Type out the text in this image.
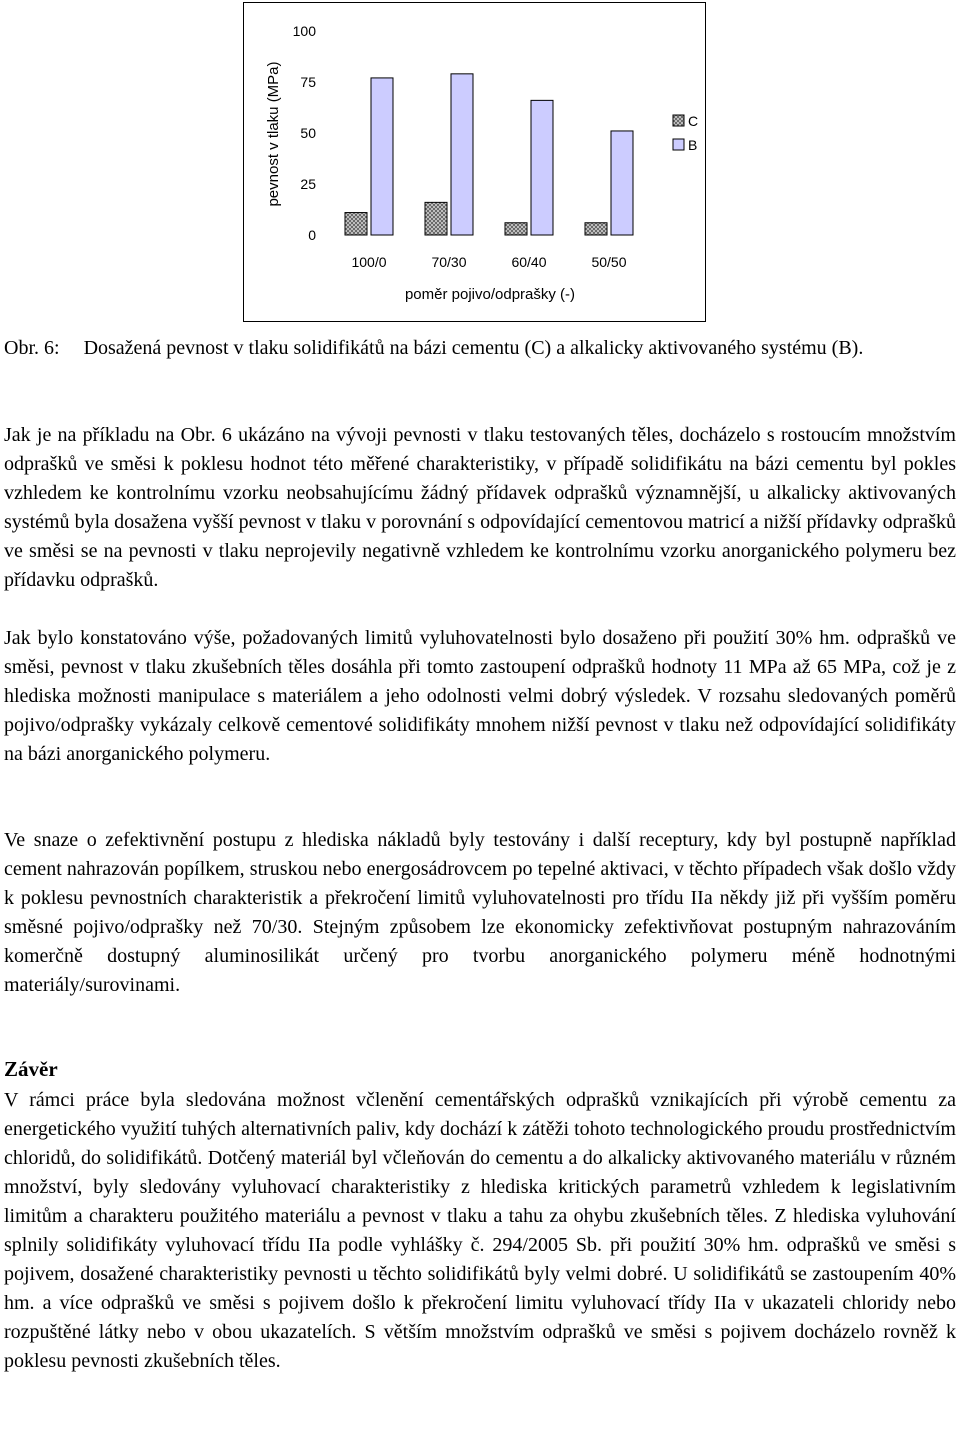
pevnost v tlaku (MPa)
poměr pojivo/odprašky (-)
0
25
50
75
100
100/0	70/30	60/40	50/50
C
B
Obr. 6: Dosažená pevnost v tlaku solidifikátů na bázi cementu (C) a alkalicky aktivovaného systému (B).

Jak je na příkladu na Obr. 6 ukázáno na vývoji pevnosti v tlaku testovaných těles, docházelo s rostoucím množstvím odprašků ve směsi k poklesu hodnot této měřené charakteristiky, v případě solidifikátu na bázi cementu byl pokles vzhledem ke kontrolnímu vzorku neobsahujícímu žádný přídavek odprašků významnější, u alkalicky aktivovaných systémů byla dosažena vyšší pevnost v tlaku v porovnání s odpovídající cementovou matricí a nižší přídavky odprašků ve směsi se na pevnosti v tlaku neprojevily negativně vzhledem ke kontrolnímu vzorku anorganického polymeru bez přídavku odprašků.

Jak bylo konstatováno výše, požadovaných limitů vyluhovatelnosti bylo dosaženo při použití 30% hm. odprašků ve směsi, pevnost v tlaku zkušebních těles dosáhla při tomto zastoupení odprašků hodnoty 11 MPa až 65 MPa, což je z hlediska možnosti manipulace s materiálem a jeho odolnosti velmi dobrý výsledek. V rozsahu sledovaných poměrů pojivo/odprašky vykázaly celkově cementové solidifikáty mnohem nižší pevnost v tlaku než odpovídající solidifikáty na bázi anorganického polymeru.

Ve snaze o zefektivnění postupu z hlediska nákladů byly testovány i další receptury, kdy byl postupně například cement nahrazován popílkem, struskou nebo energosádrovcem po tepelné aktivaci, v těchto případech však došlo vždy k poklesu pevnostních charakteristik a překročení limitů vyluhovatelnosti pro třídu IIa někdy již při vyšším poměru směsné pojivo/odprašky než 70/30. Stejným způsobem lze ekonomicky zefektivňovat postupným nahrazováním komerčně dostupný aluminosilikát určený pro tvorbu anorganického polymeru méně hodnotnými materiály/surovinami.

Závěr

V rámci práce byla sledována možnost včlenění cementářských odprašků vznikajících při výrobě cementu za energetického využití tuhých alternativních paliv, kdy dochází k zátěži tohoto technologického proudu prostřednictvím chloridů, do solidifikátů. Dotčený materiál byl včleňován do cementu a do alkalicky aktivovaného materiálu v různém množství, byly sledovány vyluhovací charakteristiky z hlediska kritických parametrů vzhledem k legislativním limitům a charakteru použitého materiálu a pevnost v tlaku a tahu za ohybu zkušebních těles. Z hlediska vyluhování splnily solidifikáty vyluhovací třídu IIa podle vyhlášky č. 294/2005 Sb. při použití 30% hm. odprašků ve směsi s pojivem, dosažené charakteristiky pevnosti u těchto solidifikátů byly velmi dobré. U solidifikátů se zastoupením 40% hm. a více odprašků ve směsi s pojivem došlo k překročení limitu vyluhovací třídy IIa v ukazateli chloridy nebo rozpuštěné látky nebo v obou ukazatelích. S větším množstvím odprašků ve směsi s pojivem docházelo rovněž k poklesu pevnosti zkušebních těles.
